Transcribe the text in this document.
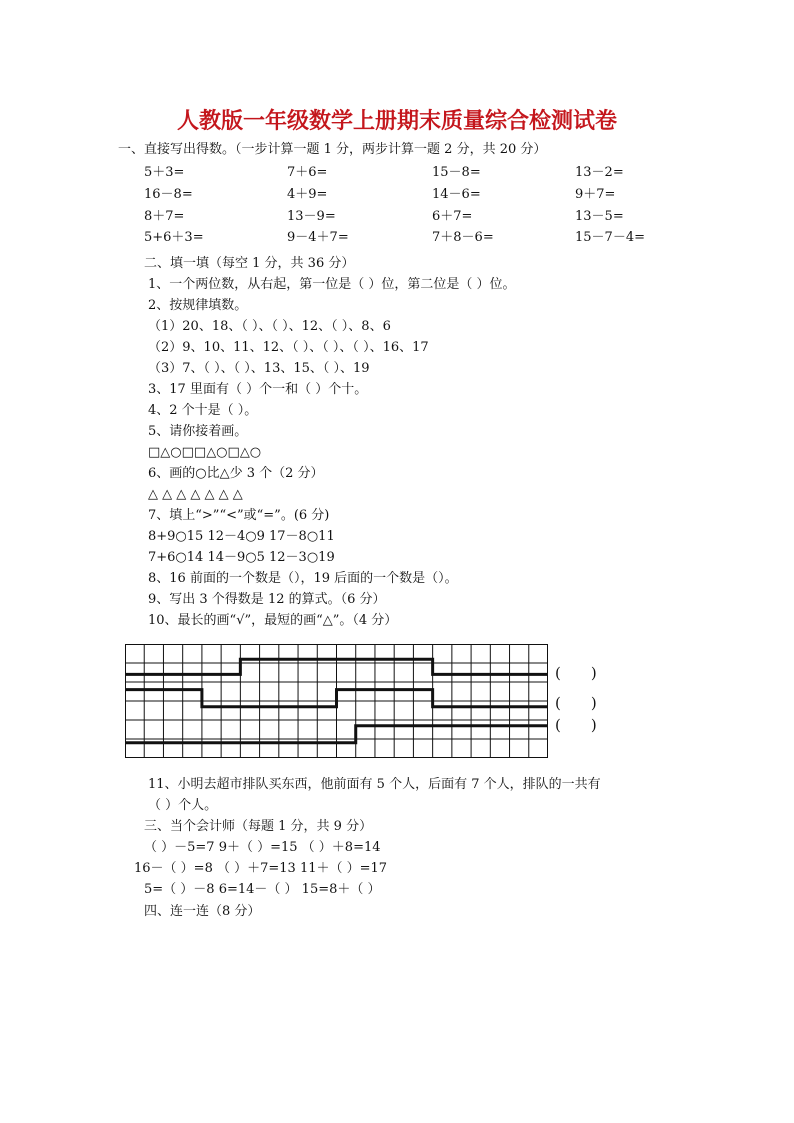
人教版一年级数学上册期末质量综合检测试卷
一、直接写出得数。（一步计算一题 1 分，两步计算一题 2 分，共 20 分）
5＋3=	7＋6=	15－8=	13－2=
16－8=	4＋9=	14－6=	9＋7=
8＋7=	13－9=	6＋7=	13－5=
5+6＋3=	9－4＋7=	7＋8－6=	15－7－4=
二、填一填（每空 1 分，共 36 分）
1、一个两位数，从右起，第一位是（ ）位，第二位是（ ）位。
2、按规律填数。
（1）20、18、（ ）、（ ）、12、（ ）、8、6
（2）9、10、11、12、（ ）、（ ）、（ ）、16、17
（3）7、（ ）、（ ）、13、15、（ ）、19
3、17 里面有（ ）个一和（ ）个十。
4、2 个十是（ ）。
5、请你接着画。
□△○□□△○□△○
6、画的○比△少 3 个（2 分）
△ △ △ △ △ △ △
7、填上“>”“<”或“=”。(6 分)
8+9○15 12－4○9 17－8○11
7+6○14 14－9○5 12－3○19
8、16 前面的一个数是（），19 后面的一个数是（）。
9、写出 3 个得数是 12 的算式。（6 分）
10、最长的画“√”，最短的画“△”。（4 分）
(　　)
(　　)
(　　)
11、小明去超市排队买东西，他前面有 5 个人，后面有 7 个人，排队的一共有
（ ）个人。
三、当个会计师（每题 1 分，共 9 分）
（ ）－5=7 9＋（ ）=15 （ ）＋8=14
16－（ ）=8 （ ）＋7=13 11＋（ ）=17
5=（ ）－8 6=14－（ ） 15=8＋（ ）
四、连一连（8 分）
